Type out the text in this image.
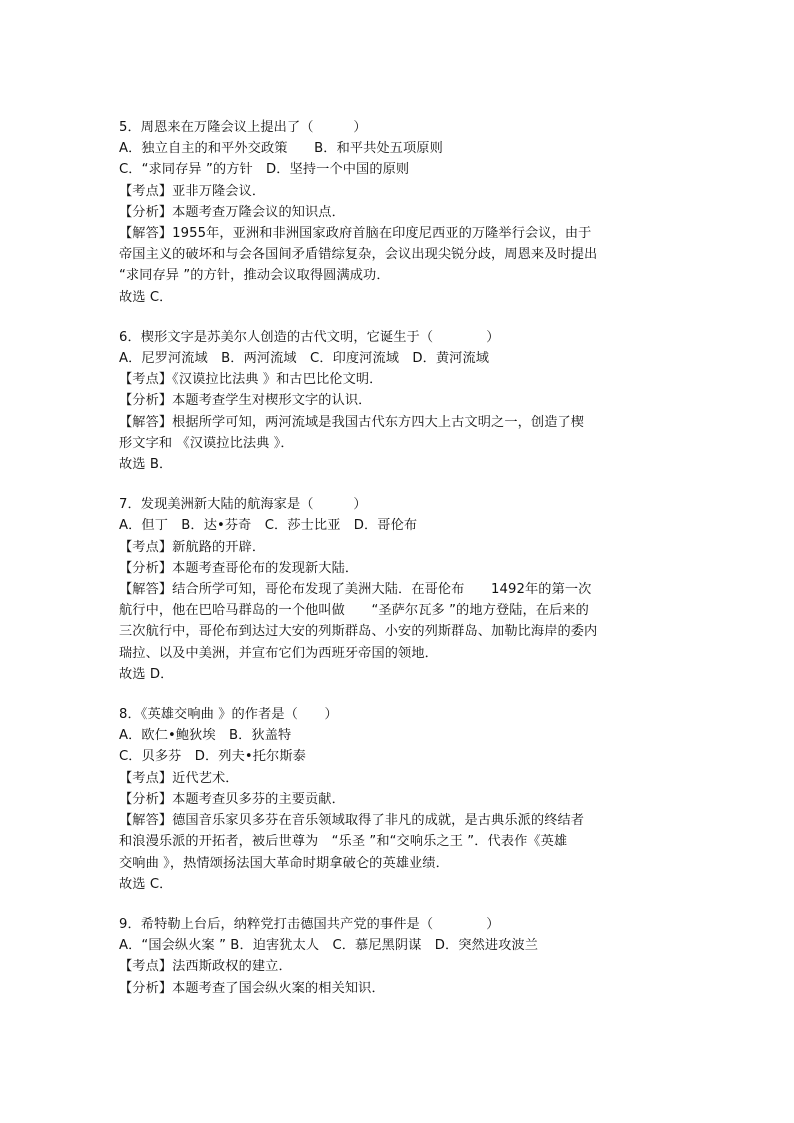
5．周恩来在万隆会议上提出了（　　　）
A．独立自主的和平外交政策　　B．和平共处五项原则
C．“求同存异 ”的方针　D．坚持一个中国的原则
【考点】亚非万隆会议．
【分析】本题考查万隆会议的知识点．
【解答】1955年，亚洲和非洲国家政府首脑在印度尼西亚的万隆举行会议，由于
帝国主义的破坏和与会各国间矛盾错综复杂，会议出现尖锐分歧，周恩来及时提出
“求同存异 ”的方针，推动会议取得圆满成功．
故选 C．
6．楔形文字是苏美尔人创造的古代文明，它诞生于（　　　　）
A．尼罗河流域　B．两河流域　C．印度河流域　D．黄河流域
【考点】《汉谟拉比法典 》和古巴比伦文明．
【分析】本题考查学生对楔形文字的认识．
【解答】根据所学可知，两河流域是我国古代东方四大上古文明之一，创造了楔
形文字和 《汉谟拉比法典 》．
故选 B．
7．发现美洲新大陆的航海家是（　　　）
A．但丁　B．达•芬奇　C．莎士比亚　D．哥伦布
【考点】新航路的开辟．
【分析】本题考查哥伦布的发现新大陆．
【解答】结合所学可知，哥伦布发现了美洲大陆．在哥伦布　　1492年的第一次
航行中，他在巴哈马群岛的一个他叫做　　“圣萨尔瓦多 ”的地方登陆，在后来的
三次航行中，哥伦布到达过大安的列斯群岛、小安的列斯群岛、加勒比海岸的委内
瑞拉、以及中美洲，并宣布它们为西班牙帝国的领地．
故选 D．
8．《英雄交响曲 》的作者是（　　）
A．欧仁•鲍狄埃　B．狄盖特
C．贝多芬　D．列夫•托尔斯泰
【考点】近代艺术．
【分析】本题考查贝多芬的主要贡献．
【解答】德国音乐家贝多芬在音乐领域取得了非凡的成就，是古典乐派的终结者
和浪漫乐派的开拓者，被后世尊为　“乐圣 ”和“交响乐之王 ”．代表作《英雄
交响曲 》，热情颂扬法国大革命时期拿破仑的英雄业绩．
故选 C．
9．希特勒上台后，纳粹党打击德国共产党的事件是（　　　　）
A．“国会纵火案 ” B．迫害犹太人　C．慕尼黑阴谋　D．突然进攻波兰
【考点】法西斯政权的建立．
【分析】本题考查了国会纵火案的相关知识．
